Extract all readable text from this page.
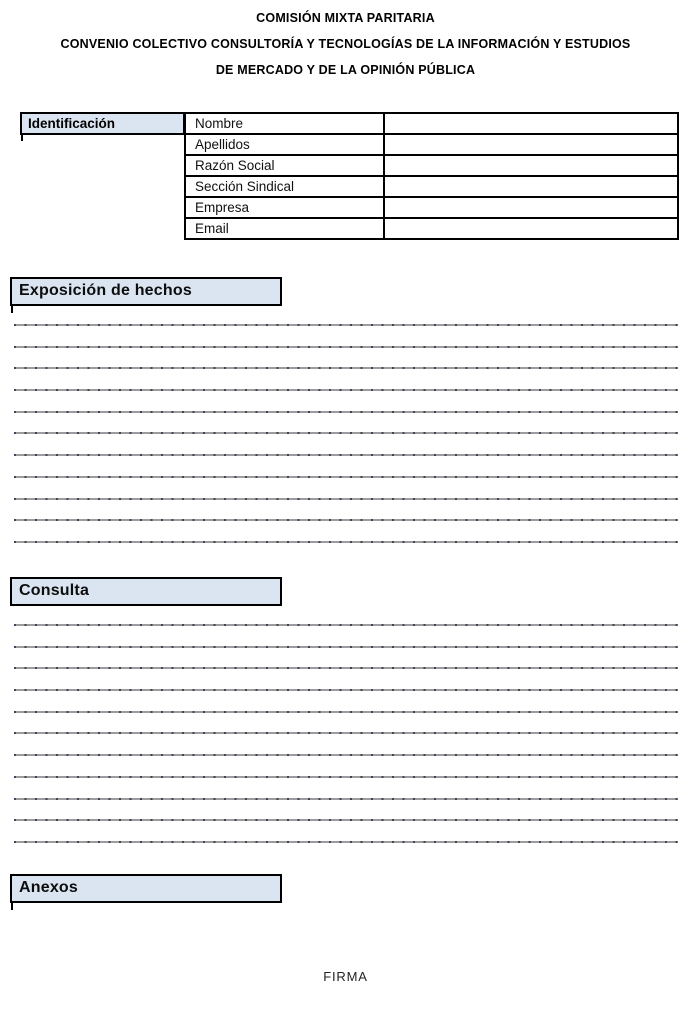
COMISIÓN MIXTA PARITARIA
CONVENIO COLECTIVO CONSULTORÍA Y TECNOLOGÍAS DE LA INFORMACIÓN Y ESTUDIOS
DE MERCADO Y DE LA OPINIÓN PÚBLICA
Identificación	Nombre
Apellidos
Razón Social
Sección Sindical
Empresa
Email
Exposición de hechos
Consulta
Anexos
FIRMA
